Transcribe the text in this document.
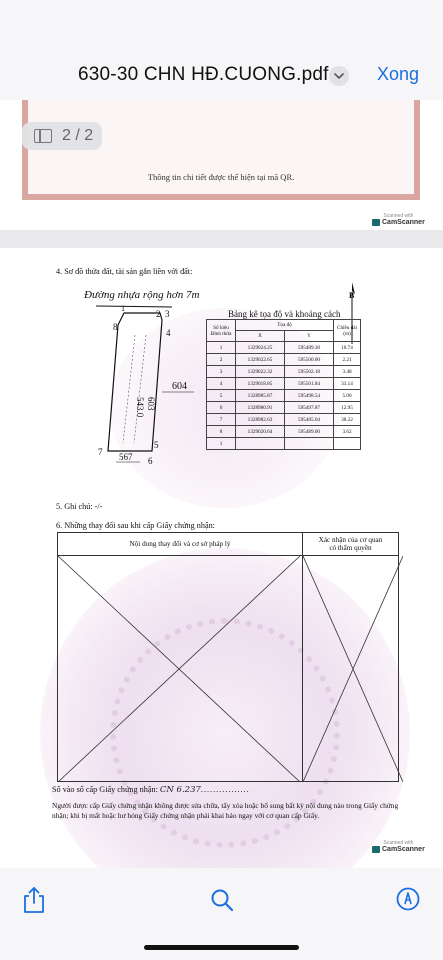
630-30 CHN HĐ.CUONG.pdf	Xong
Thông tin chi tiết được thể hiện tại mã QR.
Scanned with
CamScanner
2 / 2
4. Sơ đồ thửa đất, tài sản gắn liền với đất:
Đường nhựa rộng hơn 7m	B
1
2 3
4
5
6
7
8
603
543.0
604
567
Bảng kê tọa độ và khoảng cách
Số hiệu
Đỉnh thửa	Tọa độ		Chiều dài
(m)
	X	Y	
1	1329024.25	595489.38	10.74
2	1329022.65	595500.00	2.21
3	1329022.32	595502.18	3.48
4	1329018.85	595501.84	33.14
5	1328985.87	595498.54	5.00
6	1328980.91	595497.87	12.95
7	1328982.63	595485.04	38.22
8	1329020.64	595489.00	3.62
1			
5. Ghi chú: -/-
6. Những thay đổi sau khi cấp Giấy chứng nhận:
Nội dung thay đổi và cơ sở pháp lý	Xác nhận của cơ quan
có thẩm quyền

Số vào sổ cấp Giấy chứng nhận: CN 6.237................
Người được cấp Giấy chứng nhận không được sửa chữa, tẩy xóa hoặc bổ sung bất kỳ nội dung nào trong Giấy chứng nhận; khi bị mất hoặc hư hỏng Giấy chứng nhận phải khai báo ngay với cơ quan cấp Giấy.
Scanned with
CamScanner
